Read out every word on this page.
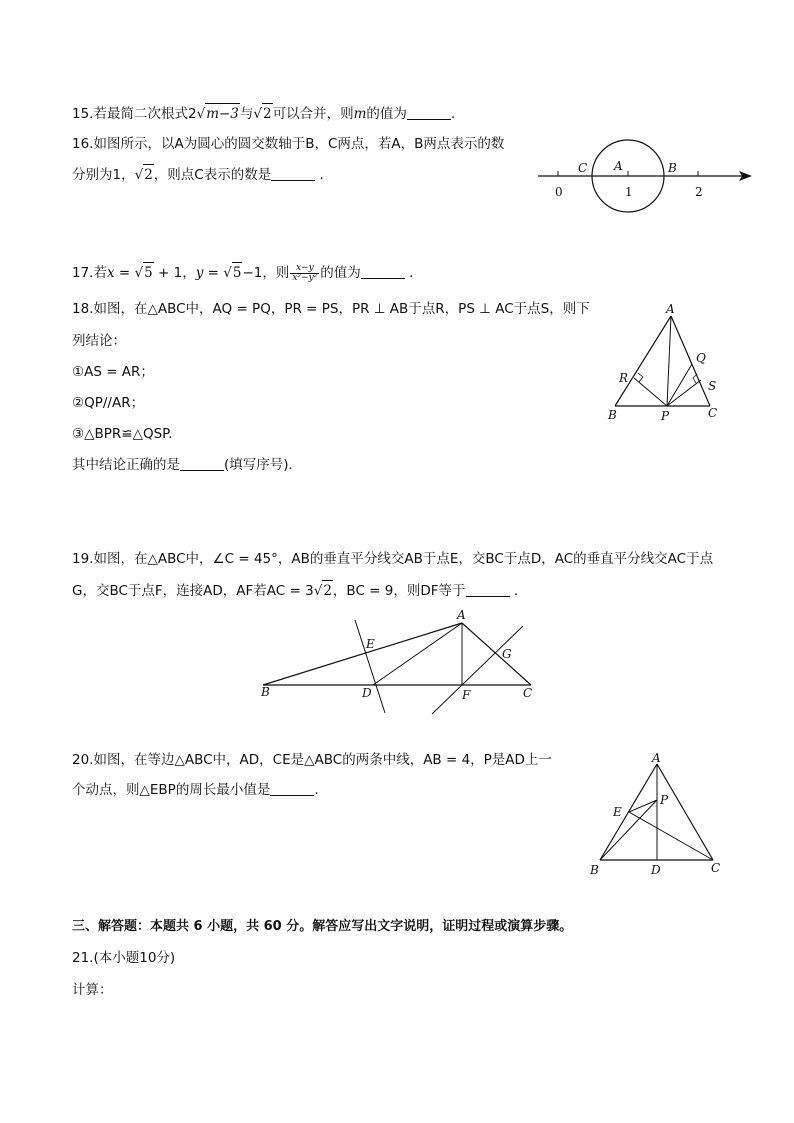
15.若最简二次根式2√m−3与√2可以合并，则m的值为	.
16.如图所示，以A为圆心的圆交数轴于B，C两点，若A，B两点表示的数
分别为1，√2，则点C表示的数是	.	C A	B
0	1	2
17.若x = √5 + 1，y = √5−1，则 $\frac{x-y}{\text{x²−y²}}$ 的值为	.
18.如图，在△ABC中，AQ = PQ，PR = PS，PR ⊥ AB于点R，PS ⊥ AC于点S，则下
列结论：
①AS = AR；
②QP//AR；
③△BPR≌△QSP.
其中结论正确的是	(填写序号)．
A
Q
R
S
B	P	C
19.如图，在△ABC中，∠C = 45°，AB的垂直平分线交AB于点E，交BC于点D，AC的垂直平分线交AC于点
G，交BC于点F，连接AD，AF若AC = 3√2，BC = 9，则DF等于	.
A
E
G
B	D	F	C
20.如图，在等边△ABC中，AD，CE是△ABC的两条中线，AB = 4，P是AD上一
个动点，则△EBP的周长最小值是	.
A
P
E
B	D	C
三、解答题：本题共 6 小题，共 60 分。解答应写出文字说明，证明过程或演算步骤。
21.(本小题10分)
计算：
